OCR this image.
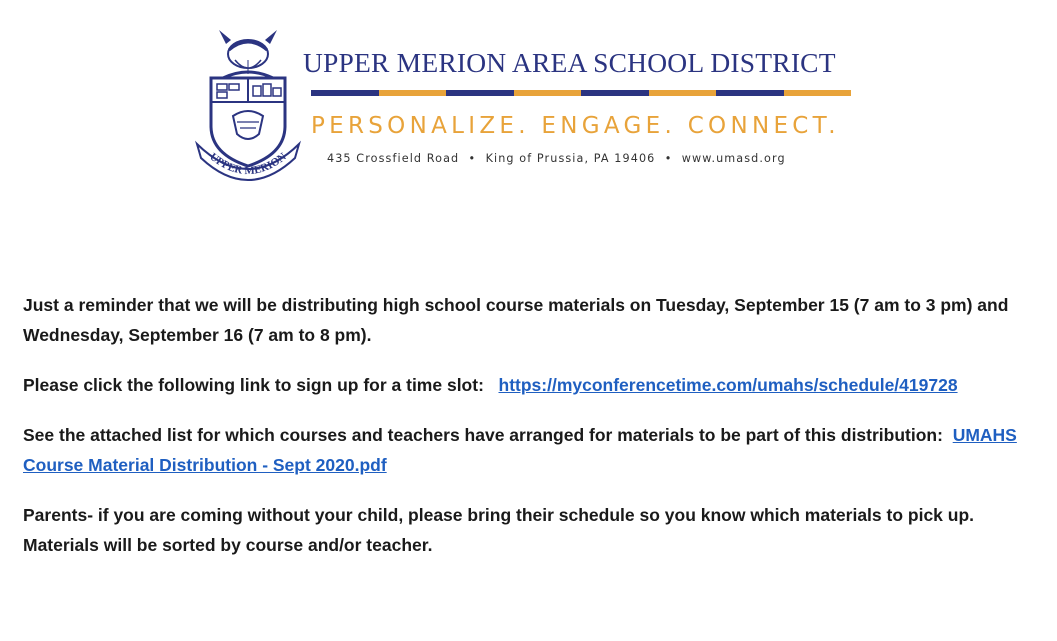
UPPER MERION
UPPER MERION AREA SCHOOL DISTRICT
PERSONALIZE. ENGAGE. CONNECT.
435 Crossfield Road  •  King of Prussia, PA 19406  •  www.umasd.org

Just a reminder that we will be distributing high school course materials on Tuesday, September 15 (7 am to 3 pm) and Wednesday, September 16 (7 am to 8 pm).

Please click the following link to sign up for a time slot: https://myconferencetime.com/umahs/schedule/419728

See the attached list for which courses and teachers have arranged for materials to be part of this distribution: UMAHS Course Material Distribution - Sept 2020.pdf

Parents- if you are coming without your child, please bring their schedule so you know which materials to pick up. Materials will be sorted by course and/or teacher.
